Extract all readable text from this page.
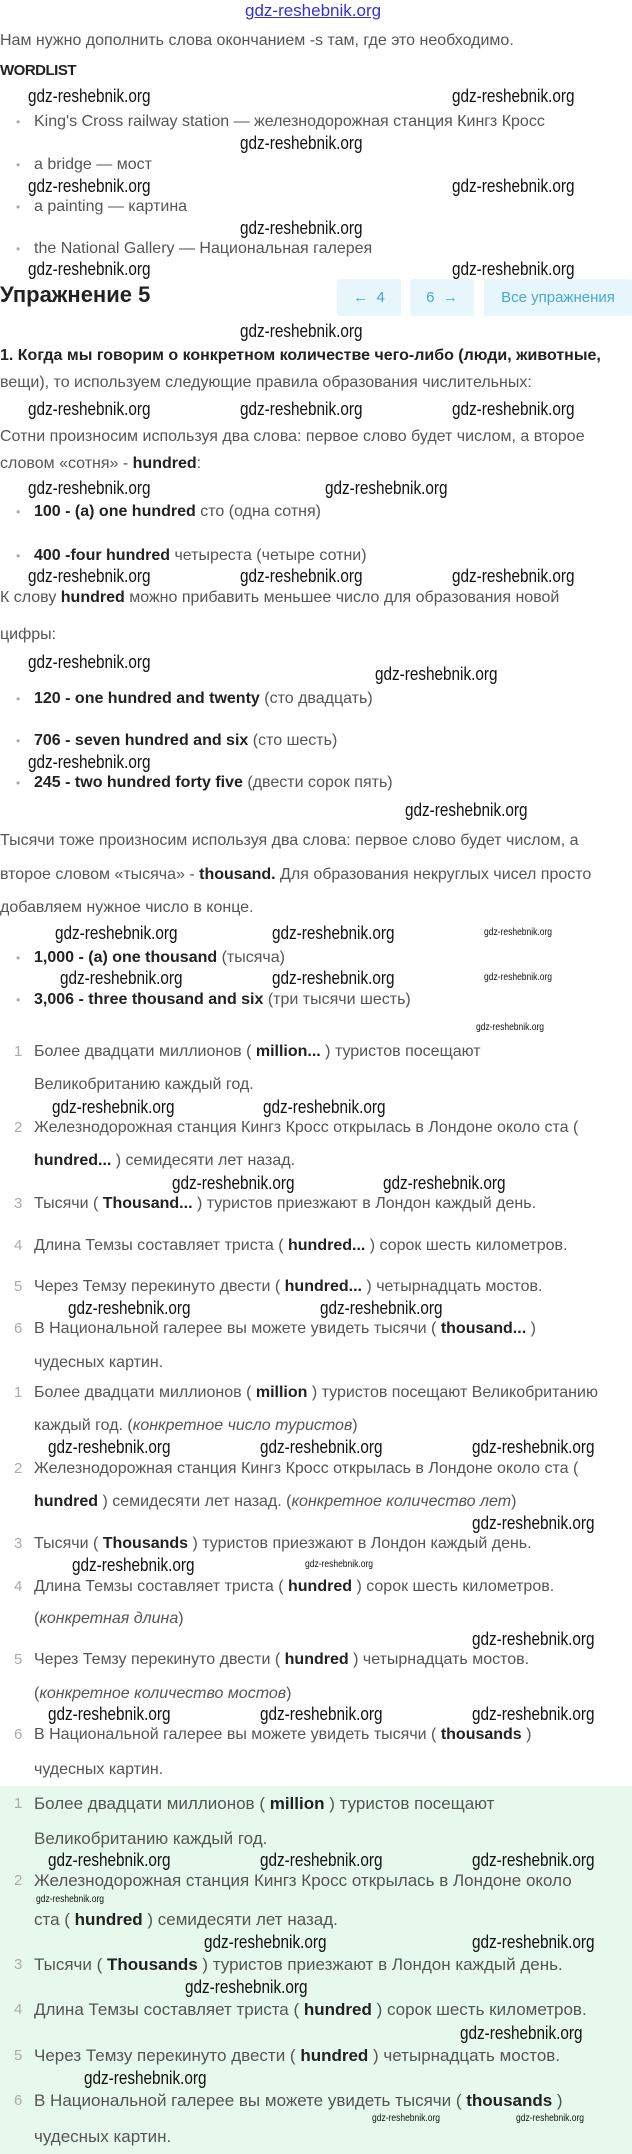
gdz-reshebnik.org
Нам нужно дополнить слова окончанием -s там, где это необходимо.
WORDLIST
• King's Cross railway station — железнодорожная станция Кингз Кросс
• a bridge — мост
• a painting — картина
• the National Gallery — Национальная галерея
Упражнение 5	← 4	6 →	Все упражнения
1. Когда мы говорим о конкретном количестве чего-либо (люди, животные,
вещи), то используем следующие правила образования числительных:
Сотни произносим используя два слова: первое слово будет числом, а второе
словом «сотня» - hundred:
• 100 - (a) one hundred сто (одна сотня)
• 400 -four hundred четыреста (четыре сотни)
К слову hundred можно прибавить меньшее число для образования новой
цифры:
• 120 - one hundred and twenty (сто двадцать)
• 706 - seven hundred and six (сто шесть)
• 245 - two hundred forty five (двести сорок пять)
Тысячи тоже произносим используя два слова: первое слово будет числом, а
второе словом «тысяча» - thousand. Для образования некруглых чисел просто
добавляем нужное число в конце.
• 1,000 - (a) one thousand (тысяча)
• 3,006 - three thousand and six (три тысячи шесть)
1 Более двадцати миллионов ( million... ) туристов посещают
Великобританию каждый год.
2 Железнодорожная станция Кингз Кросс открылась в Лондоне около ста (
hundred... ) семидесяти лет назад.
3 Тысячи ( Thousand... ) туристов приезжают в Лондон каждый день.
4 Длина Темзы составляет триста ( hundred... ) сорок шесть километров.
5 Через Темзу перекинуто двести ( hundred... ) четырнадцать мостов.
6 В Национальной галерее вы можете увидеть тысячи ( thousand... )
чудесных картин.
1 Более двадцати миллионов ( million ) туристов посещают Великобританию
каждый год. (конкретное число туристов)
2 Железнодорожная станция Кингз Кросс открылась в Лондоне около ста (
hundred ) семидесяти лет назад. (конкретное количество лет)
3 Тысячи ( Thousands ) туристов приезжают в Лондон каждый день.
4 Длина Темзы составляет триста ( hundred ) сорок шесть километров.
(конкретная длина)
5 Через Темзу перекинуто двести ( hundred ) четырнадцать мостов.
(конкретное количество мостов)
6 В Национальной галерее вы можете увидеть тысячи ( thousands )
чудесных картин.
1 Более двадцати миллионов ( million ) туристов посещают
Великобританию каждый год.
2 Железнодорожная станция Кингз Кросс открылась в Лондоне около
ста ( hundred ) семидесяти лет назад.
3 Тысячи ( Thousands ) туристов приезжают в Лондон каждый день.
4 Длина Темзы составляет триста ( hundred ) сорок шесть километров.
5 Через Темзу перекинуто двести ( hundred ) четырнадцать мостов.
6 В Национальной галерее вы можете увидеть тысячи ( thousands )
чудесных картин.
gdz-reshebnik.org	gdz-reshebnik.org
gdz-reshebnik.org
gdz-reshebnik.org	gdz-reshebnik.org
gdz-reshebnik.org
gdz-reshebnik.org	gdz-reshebnik.org
gdz-reshebnik.org
gdz-reshebnik.org	gdz-reshebnik.org	gdz-reshebnik.org
gdz-reshebnik.org	gdz-reshebnik.org
gdz-reshebnik.org	gdz-reshebnik.org	gdz-reshebnik.org
gdz-reshebnik.org
gdz-reshebnik.org
gdz-reshebnik.org
gdz-reshebnik.org
gdz-reshebnik.org	gdz-reshebnik.org	gdz-reshebnik.org
gdz-reshebnik.org
gdz-reshebnik.org	gdz-reshebnik.org
gdz-reshebnik.org
gdz-reshebnik.org
gdz-reshebnik.org
gdz-reshebnik.org	gdz-reshebnik.org
gdz-reshebnik.org
gdz-reshebnik.org
gdz-reshebnik.org
gdz-reshebnik.org	gdz-reshebnik.org
gdz-reshebnik.org
gdz-reshebnik.org	gdz-reshebnik.org
gdz-reshebnik.org
gdz-reshebnik.org	gdz-reshebnik.org	gdz-reshebnik.org
gdz-reshebnik.org
gdz-reshebnik.org	gdz-reshebnik.org
gdz-reshebnik.org
gdz-reshebnik.org	gdz-reshebnik.org
gdz-reshebnik.org
gdz-reshebnik.org
gdz-reshebnik.org
gdz-reshebnik.org	gdz-reshebnik.org
